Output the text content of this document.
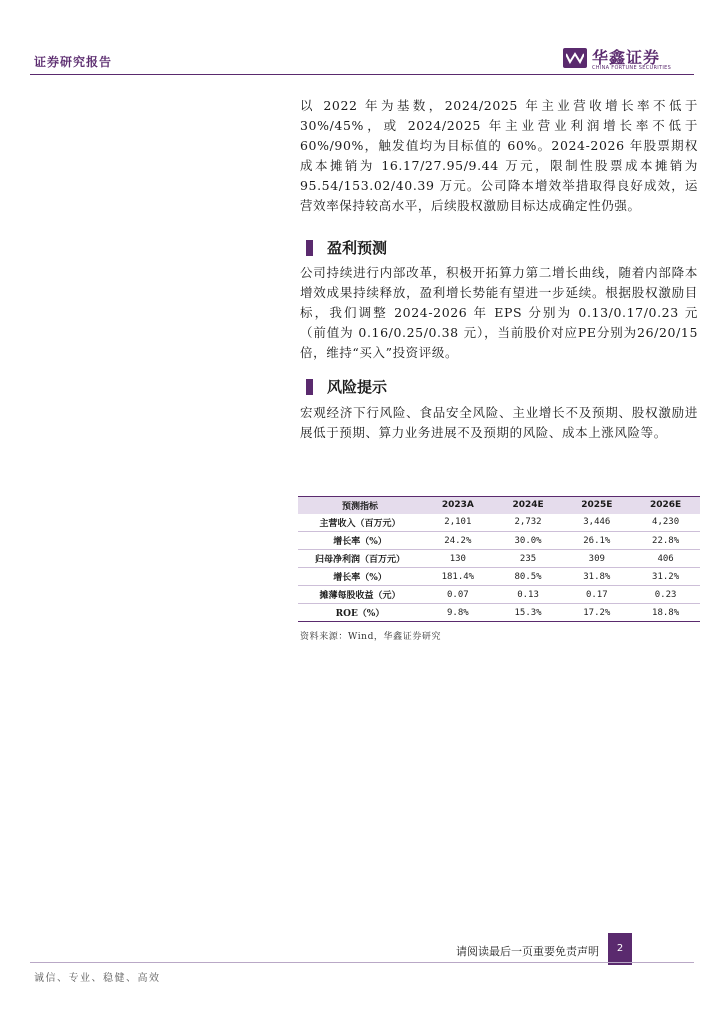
证券研究报告	华鑫证券
CHINA FORTUNE SECURITIES

以 2022 年为基数，2024/2025 年主业营收增长率不低于 30%/45%，或 2024/2025 年主业营业利润增长率不低于 60%/90%，触发值均为目标值的 60%。2024-2026 年股票期权成本摊销为 16.17/27.95/9.44 万元，限制性股票成本摊销为 95.54/153.02/40.39 万元。公司降本增效举措取得良好成效，运营效率保持较高水平，后续股权激励目标达成确定性仍强。

盈利预测

公司持续进行内部改革，积极开拓算力第二增长曲线，随着内部降本增效成果持续释放，盈利增长势能有望进一步延续。根据股权激励目标，我们调整 2024-2026 年 EPS 分别为 0.13/0.17/0.23 元（前值为 0.16/0.25/0.38 元），当前股价对应PE分别为26/20/15倍，维持“买入”投资评级。

风险提示

宏观经济下行风险、食品安全风险、主业增长不及预期、股权激励进展低于预期、算力业务进展不及预期的风险、成本上涨风险等。

预测指标	2023A	2024E	2025E	2026E
主营收入（百万元）	2,101	2,732	3,446	4,230
增长率（%）	24.2%	30.0%	26.1%	22.8%
归母净利润（百万元）	130	235	309	406
增长率（%）	181.4%	80.5%	31.8%	31.2%
摊薄每股收益（元）	0.07	0.13	0.17	0.23
ROE（%）	9.8%	15.3%	17.2%	18.8%
资料来源：Wind，华鑫证券研究
请阅读最后一页重要免责声明	2
诚信、专业、稳健、高效
